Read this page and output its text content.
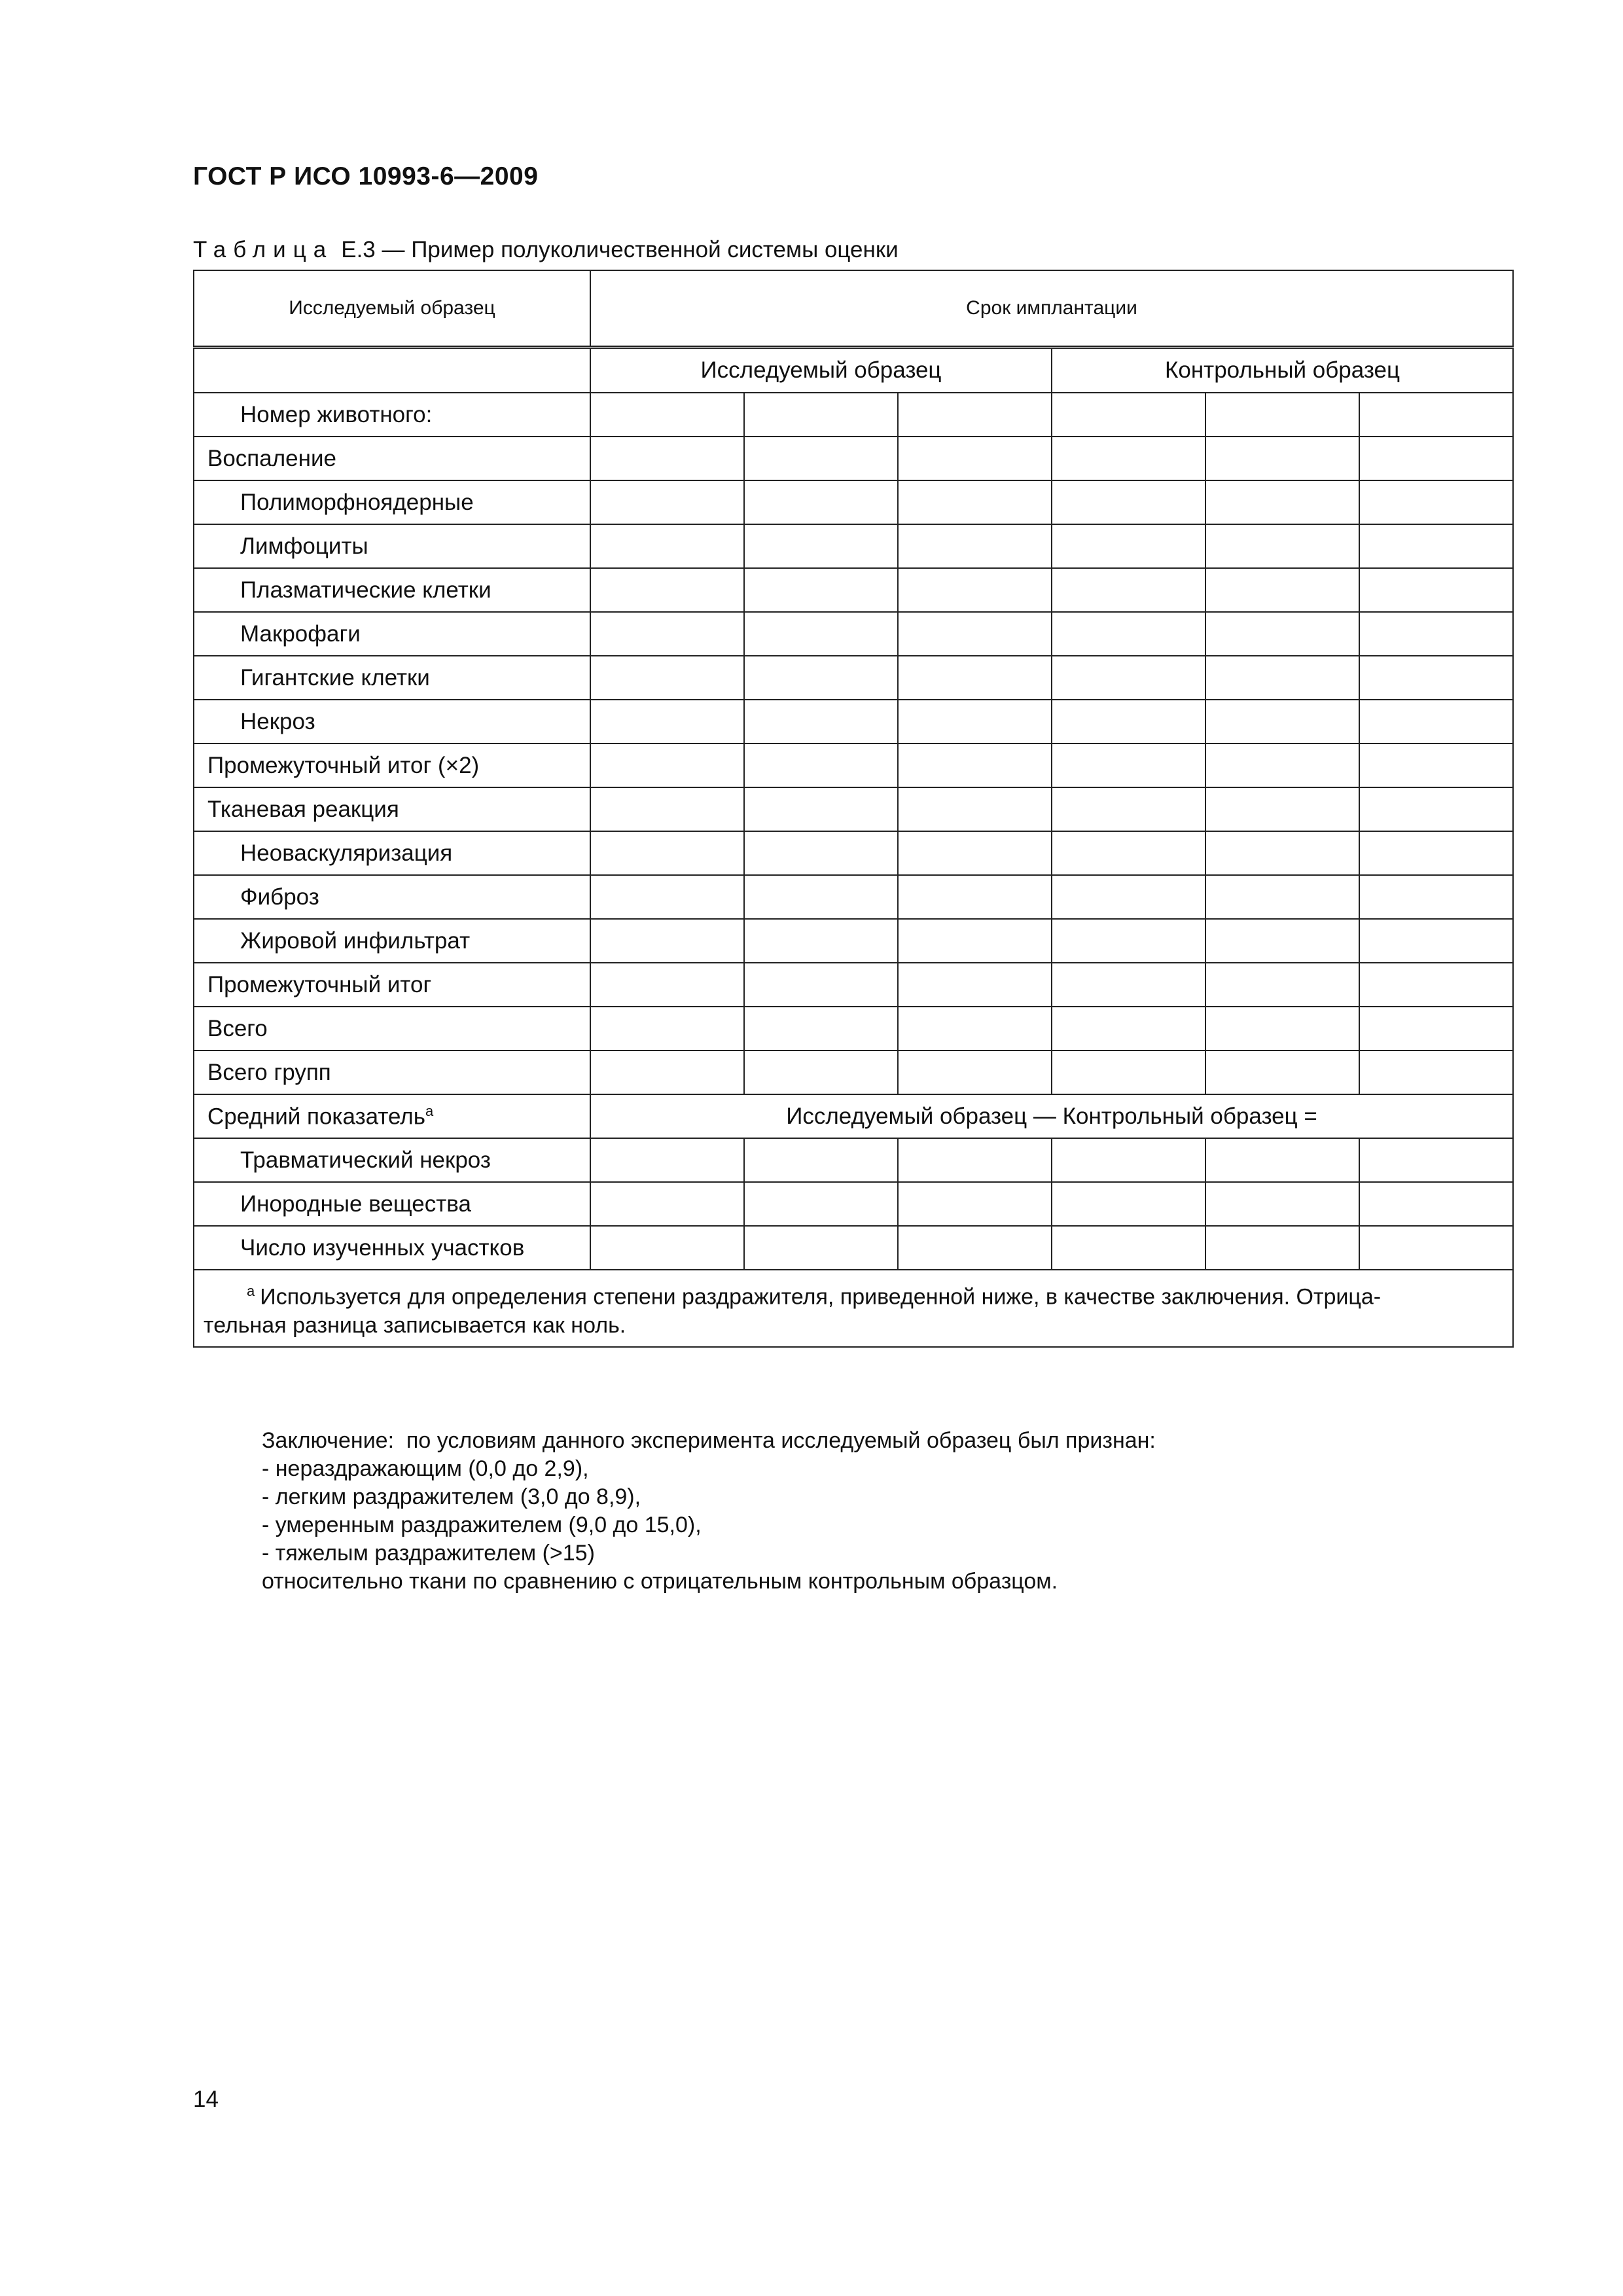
ГОСТ Р ИСО 10993-6—2009
Таблица Е.3 — Пример полуколичественной системы оценки
Исследуемый образец	Срок имплантации					
	Исследуемый образец			Контрольный образец		
Номер животного:						
Воспаление						
Полиморфноядерные						
Лимфоциты						
Плазматические клетки						
Макрофаги						
Гигантские клетки						
Некроз						
Промежуточный итог (×2)						
Тканевая реакция						
Неоваскуляризация						
Фиброз						
Жировой инфильтрат						
Промежуточный итог						
Всего						
Всего групп						
Средний показатель$^a$	Исследуемый образец — Контрольный образец =					
Травматический некроз						
Инородные вещества						
Число изученных участков						

$^a$ Используется для определения степени раздражителя, приведенной ниже, в качестве заключения. Отрица-
тельная разница записывается как ноль.						
Заключение:  по условиям данного эксперимента исследуемый образец был признан:
- нераздражающим (0,0 до 2,9),
- легким раздражителем (3,0 до 8,9),
- умеренным раздражителем (9,0 до 15,0),
- тяжелым раздражителем (>15)
относительно ткани по сравнению с отрицательным контрольным образцом.
14
